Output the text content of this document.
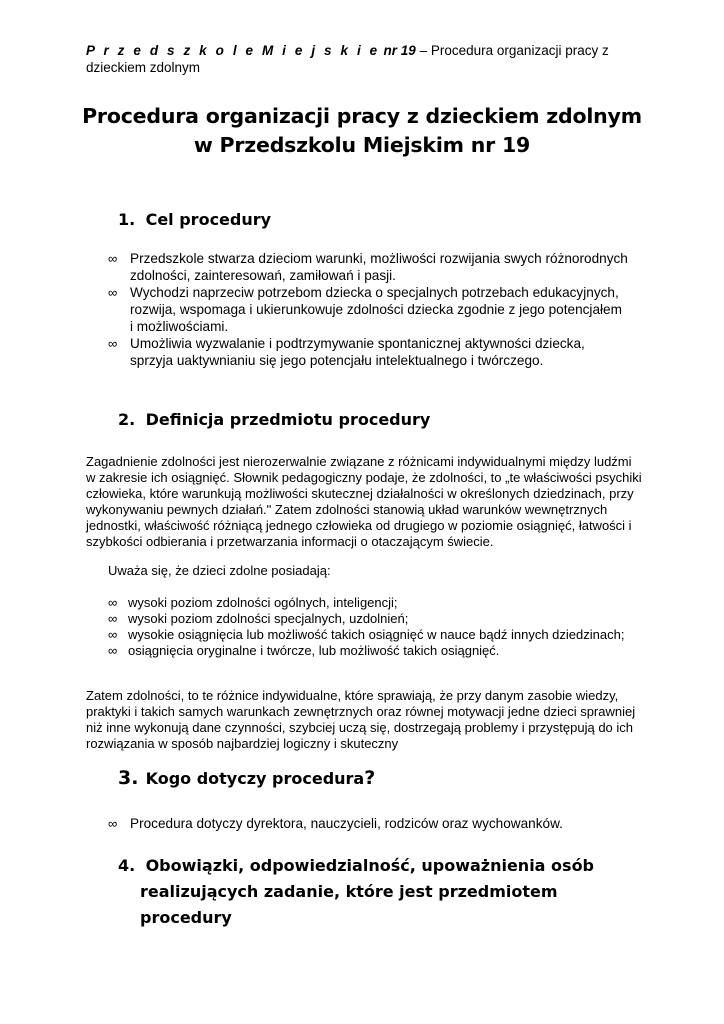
P r z e d s z k o l e M i e j s k i e nr 19 – Procedura organizacji pracy z dzieckiem zdolnym
Procedura organizacji pracy z dzieckiem zdolnym
w Przedszkolu Miejskim nr 19
1. Cel procedury
∞ Przedszkole stwarza dzieciom warunki, możliwości rozwijania swych różnorodnych zdolności, zainteresowań, zamiłowań i pasji.
∞ Wychodzi naprzeciw potrzebom dziecka o specjalnych potrzebach edukacyjnych, rozwija, wspomaga i ukierunkowuje zdolności dziecka zgodnie z jego potencjałem i możliwościami.
∞ Umożliwia wyzwalanie i podtrzymywanie spontanicznej aktywności dziecka, sprzyja uaktywnianiu się jego potencjału intelektualnego i twórczego.
2. Definicja przedmiotu procedury

Zagadnienie zdolności jest nierozerwalnie związane z różnicami indywidualnymi między ludźmi w zakresie ich osiągnięć. Słownik pedagogiczny podaje, że zdolności, to „te właściwości psychiki człowieka, które warunkują możliwości skutecznej działalności w określonych dziedzinach, przy wykonywaniu pewnych działań." Zatem zdolności stanowią układ warunków wewnętrznych jednostki, właściwość różniącą jednego człowieka od drugiego w poziomie osiągnięć, łatwości i szybkości odbierania i przetwarzania informacji o otaczającym świecie.

Uważa się, że dzieci zdolne posiadają:

∞ wysoki poziom zdolności ogólnych, inteligencji;
∞ wysoki poziom zdolności specjalnych, uzdolnień;
∞ wysokie osiągnięcia lub możliwość takich osiągnięć w nauce bądź innych dziedzinach;
∞ osiągnięcia oryginalne i twórcze, lub możliwość takich osiągnięć.

Zatem zdolności, to te różnice indywidualne, które sprawiają, że przy danym zasobie wiedzy, praktyki i takich samych warunkach zewnętrznych oraz równej motywacji jedne dzieci sprawniej niż inne wykonują dane czynności, szybciej uczą się, dostrzegają problemy i przystępują do ich rozwiązania w sposób najbardziej logiczny i skuteczny

3. Kogo dotyczy procedura?
∞ Procedura dotyczy dyrektora, nauczycieli, rodziców oraz wychowanków.
4. Obowiązki, odpowiedzialność, upoważnienia osób
realizujących zadanie, które jest przedmiotem procedury
